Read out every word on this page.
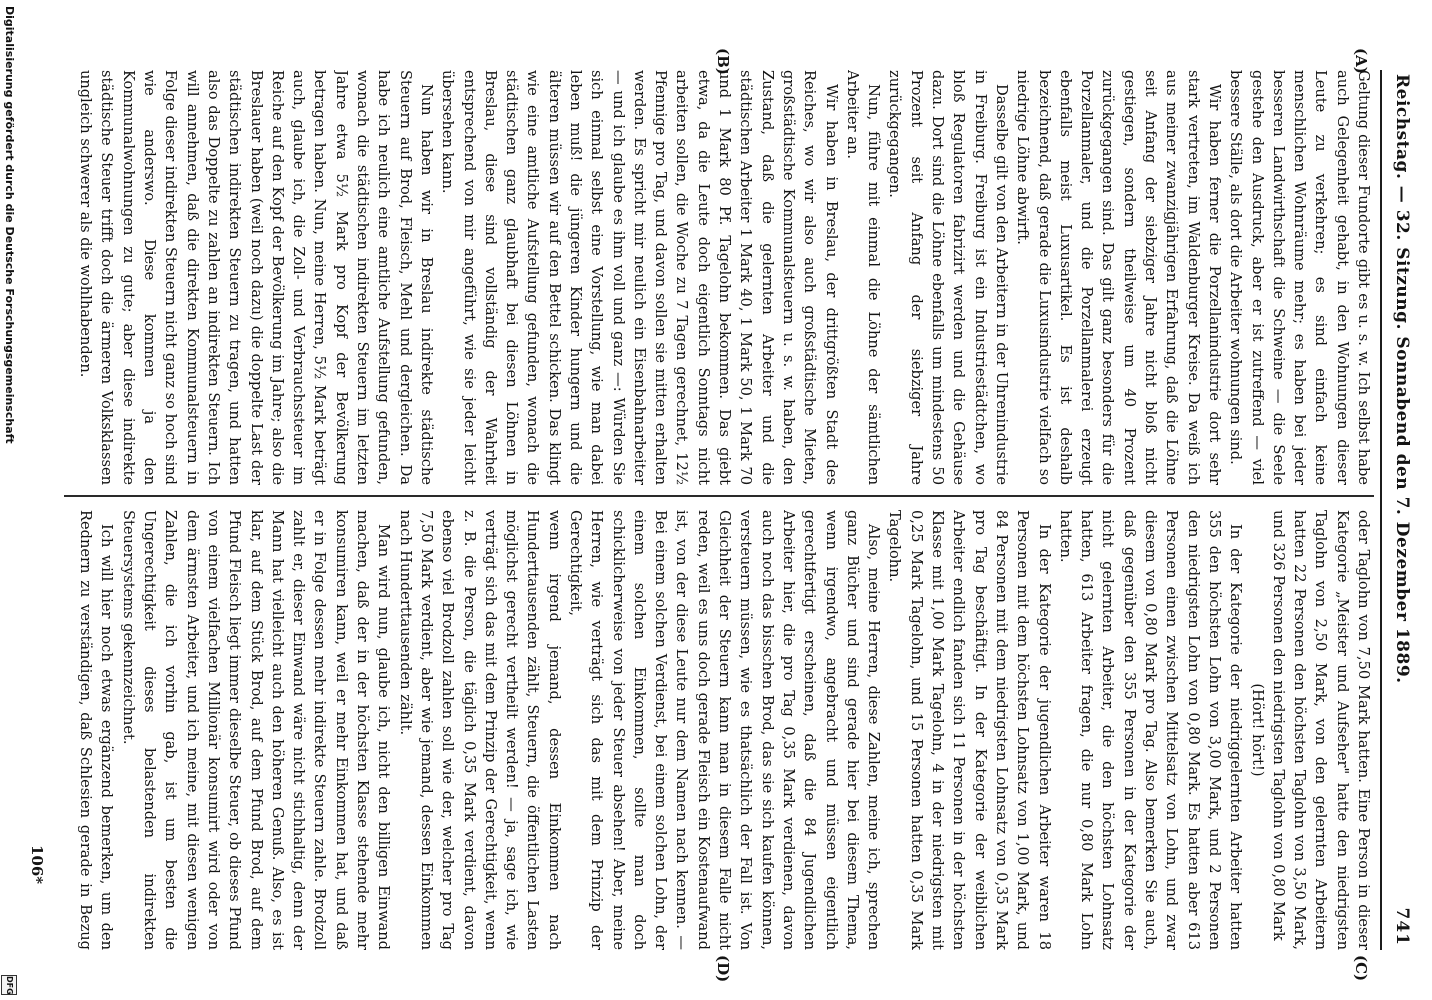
Reichstag. — 32. Sitzung. Sonnabend den 7. Dezember 1889.
741
(A)
(B)
(C)
(D)

Geltung dieser Fundorte gibt es u. s. w. Ich selbst habe auch Gelegenheit gehabt, in den Wohnungen dieser Leute zu verkehren; es sind einfach keine menschlichen Wohnräume mehr; es haben bei jeder besseren Landwirthschaft die Schweine — die Seele gestehe den Ausdruck, aber er ist zutreffend — viel bessere Ställe, als dort die Arbeiter wohnungen sind.

Wir haben ferner die Porzellanindustrie dort sehr stark vertreten, im Waldenburger Kreise. Da weiß ich aus meiner zwanzigjährigen Erfahrung, daß die Löhne seit Anfang der siebziger Jahre nicht bloß nicht gestiegen, sondern theilweise um 40 Prozent zurückgegangen sind. Das gilt ganz besonders für die Porzellanmaler, und die Porzellanmalerei erzeugt ebenfalls meist Luxusartikel. Es ist deshalb bezeichnend, daß gerade die Luxusindustrie vielfach so niedrige Löhne abwirft.

Dasselbe gilt von den Arbeitern in der Uhrenindustrie in Freiburg. Freiburg ist ein Industriestädtchen, wo bloß Regulatoren fabrizirt werden und die Gehäuse dazu. Dort sind die Löhne ebenfalls um mindestens 50 Prozent seit Anfang der siebziger Jahre zurückgegangen.

Nun, führe mit einmal die Löhne der sämtlichen Arbeiter an.

Wir haben in Breslau, der drittgrößten Stadt des Reiches, wo wir also auch großstädtische Mieten, großstädtische Kommunalsteuern u. s. w. haben, den Zustand, daß die gelernten Arbeiter und die städtischen Arbeiter 1 Mark 40, 1 Mark 50, 1 Mark 70 und 1 Mark 80 Pf. Tagelohn bekommen. Das giebt etwa, da die Leute doch eigentlich Sonntags nicht arbeiten sollen, die Woche zu 7 Tagen gerechnet, 12½ Pfennige pro Tag, und davon sollen sie mitten erhalten werden. Es spricht mir neulich ein Eisenbahnarbeiter — und ich glaube es ihm voll und ganz —: Würden Sie sich einmal selbst eine Vorstellung, wie man dabei leben muß! die jüngeren Kinder hungern und die älteren müssen wir auf den Bettel schicken. Das klingt wie eine amtliche Aufstellung gefunden, wonach die städtischen ganz glaubhaft bei diesen Löhnen in Breslau, diese sind vollständig der Wahrheit entsprechend von mir angeführt, wie sie jeder leicht übersehen kann.

Nun haben wir in Breslau indirekte städtische Steuern auf Brod, Fleisch, Mehl und dergleichen. Da habe ich neulich eine amtliche Aufstellung gefunden, wonach die städtischen indirekten Steuern im letzten Jahre etwa 5½ Mark pro Kopf der Bevölkerung betragen haben. Nun, meine Herren, 5½ Mark beträgt auch, glaube ich, die Zoll- und Verbrauchssteuer im Reiche auf den Kopf der Bevölkerung im Jahre; also die Breslauer haben (weil noch dazu) die doppelte Last der städtischen indirekten Steuern zu tragen, und hatten also das Doppelte zu zahlen an indirekten Steuern. Ich will annehmen, daß die direkten Kommunalsteuern in Folge dieser indirekten Steuern nicht ganz so hoch sind wie anderswo. Diese kommen ja den Kommunalwohnungen zu gute; aber diese indirekte städtische Steuer trifft doch die ärmeren Volksklassen ungleich schwerer als die wohlhabenden.

oder Taglohn von 7,50 Mark hatten. Eine Person in dieser Kategorie „Meister und Aufseher" hatte den niedrigsten Taglohn von 2,50 Mark, von den gelernten Arbeitern hatten 22 Personen den höchsten Taglohn von 3,50 Mark, und 326 Personen den niedrigsten Taglohn von 0,80 Mark

(Hört! hört!)

In der Kategorie der niedriggelernten Arbeiter hatten 355 den höchsten Lohn von 3,00 Mark, und 2 Personen den niedrigsten Lohn von 0,80 Mark. Es hatten aber 613 Personen einen zwischen Mittelsatz von Lohn, und zwar diesem von 0,80 Mark pro Tag. Also bemerken Sie auch, daß gegenüber den 355 Personen in der Kategorie der nicht gelernten Arbeiter, die den höchsten Lohnsatz hatten, 613 Arbeiter fragen, die nur 0,80 Mark Lohn hatten.

In der Kategorie der jugendlichen Arbeiter waren 18 Personen mit dem höchsten Lohnsatz von 1,00 Mark, und 84 Personen mit dem niedrigsten Lohnsatz von 0,35 Mark pro Tag beschäftigt. In der Kategorie der weiblichen Arbeiter endlich fanden sich 11 Personen in der höchsten Klasse mit 1,00 Mark Tagelohn, 4 in der niedrigsten mit 0,25 Mark Tagelohn, und 15 Personen hatten 0,35 Mark Tagelohn.

Also, meine Herren, diese Zahlen, meine ich, sprechen ganz Bücher und sind gerade hier bei diesem Thema, wenn irgendwo, angebracht und müssen eigentlich gerechtfertigt erscheinen, daß die 84 Jugendlichen Arbeiter hier, die pro Tag 0,35 Mark verdienen, davon auch noch das bisschen Brod, das sie sich kaufen können, versteuern müssen, wie es thatsächlich der Fall ist. Von Gleichheit der Steuern kann man in diesem Falle nicht reden, weil es uns doch gerade Fleisch ein Kostenaufwand ist, von der diese Leute nur dem Namen nach kennen. — Bei einem solchen Verdienst, bei einem solchen Lohn, der einem solchen Einkommen, sollte man doch schicklicherweise von jeder Steuer absehen! Aber, meine Herren, wie verträgt sich das mit dem Prinzip der Gerechtigkeit,

wenn irgend jemand, dessen Einkommen nach Hunderttausenden zählt, Steuern, die öffentlichen Lasten möglichst gerecht vertheilt werden! — ja, sage ich, wie verträgt sich das mit dem Prinzip der Gerechtigkeit, wenn z. B. die Person, die täglich 0,35 Mark verdient, davon ebenso viel Brodzoll zahlen soll wie der, welcher pro Tag 7,50 Mark verdient, aber wie jemand, dessen Einkommen nach Hunderttausenden zählt.

Man wird nun, glaube ich, nicht den billigen Einwand machen, daß der in der höchsten Klasse stehende mehr konsumiren kann, weil er mehr Einkommen hat, und daß er in Folge dessen mehr indirekte Steuern zahle. Brodzoll zahlt er, dieser Einwand wäre nicht stichhaltig, denn der Mann hat vielleicht auch den höheren Genuß. Also, es ist klar, auf dem Stück Brod, auf dem Pfund Brod, auf dem Pfund Fleisch liegt immer dieselbe Steuer, ob dieses Pfund von einem vielfachen Millionär konsumirt wird oder von dem ärmsten Arbeiter, und ich meine, mit diesen wenigen Zahlen, die ich vorhin gab, ist um besten die Ungerechtigkeit dieses belastenden indirekten Steuersystems gekennzeichnet.

Ich will hier noch etwas ergänzend bemerken, um den Rednern zu verständigen, daß Schlesien gerade in Bezug

106*
Digitalisierung gefördert durch die Deutsche Forschungsgemeinschaft
DFG
